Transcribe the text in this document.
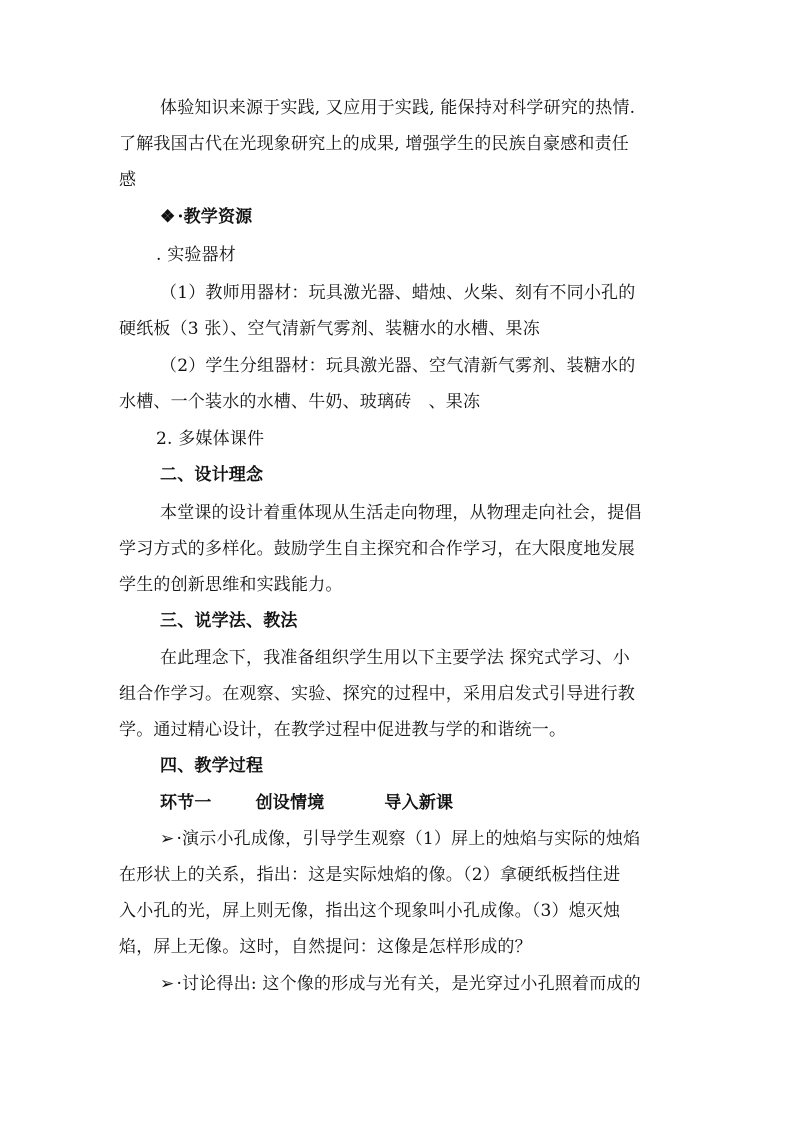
体验知识来源于实践, 又应用于实践, 能保持对科学研究的热情.
了解我国古代在光现象研究上的成果, 增强学生的民族自豪感和责任
感
❖ ·教学资源
. 实验器材
（1）教师用器材：玩具激光器、蜡烛、火柴、刻有不同小孔的
硬纸板（3 张）、空气清新气雾剂、装糖水的水槽、果冻
（2）学生分组器材：玩具激光器、空气清新气雾剂、装糖水的
水槽、一个装水的水槽、牛奶、玻璃砖　、果冻
2. 多媒体课件
二、设计理念
本堂课的设计着重体现从生活走向物理，从物理走向社会，提倡
学习方式的多样化。鼓励学生自主探究和合作学习，在大限度地发展
学生的创新思维和实践能力。
三、说学法、教法
在此理念下，我准备组织学生用以下主要学法 探究式学习、小
组合作学习。在观察、实验、探究的过程中，采用启发式引导进行教
学。通过精心设计，在教学过程中促进教与学的和谐统一。
四、教学过程
环节一	创设情境	导入新课
➢ ·演示小孔成像，引导学生观察（1）屏上的烛焰与实际的烛焰
在形状上的关系，指出：这是实际烛焰的像。（2）拿硬纸板挡住进
入小孔的光，屏上则无像，指出这个现象叫小孔成像。（3）熄灭烛
焰，屏上无像。这时，自然提问：这像是怎样形成的？
➢ ·讨论得出: 这个像的形成与光有关，是光穿过小孔照着而成的
